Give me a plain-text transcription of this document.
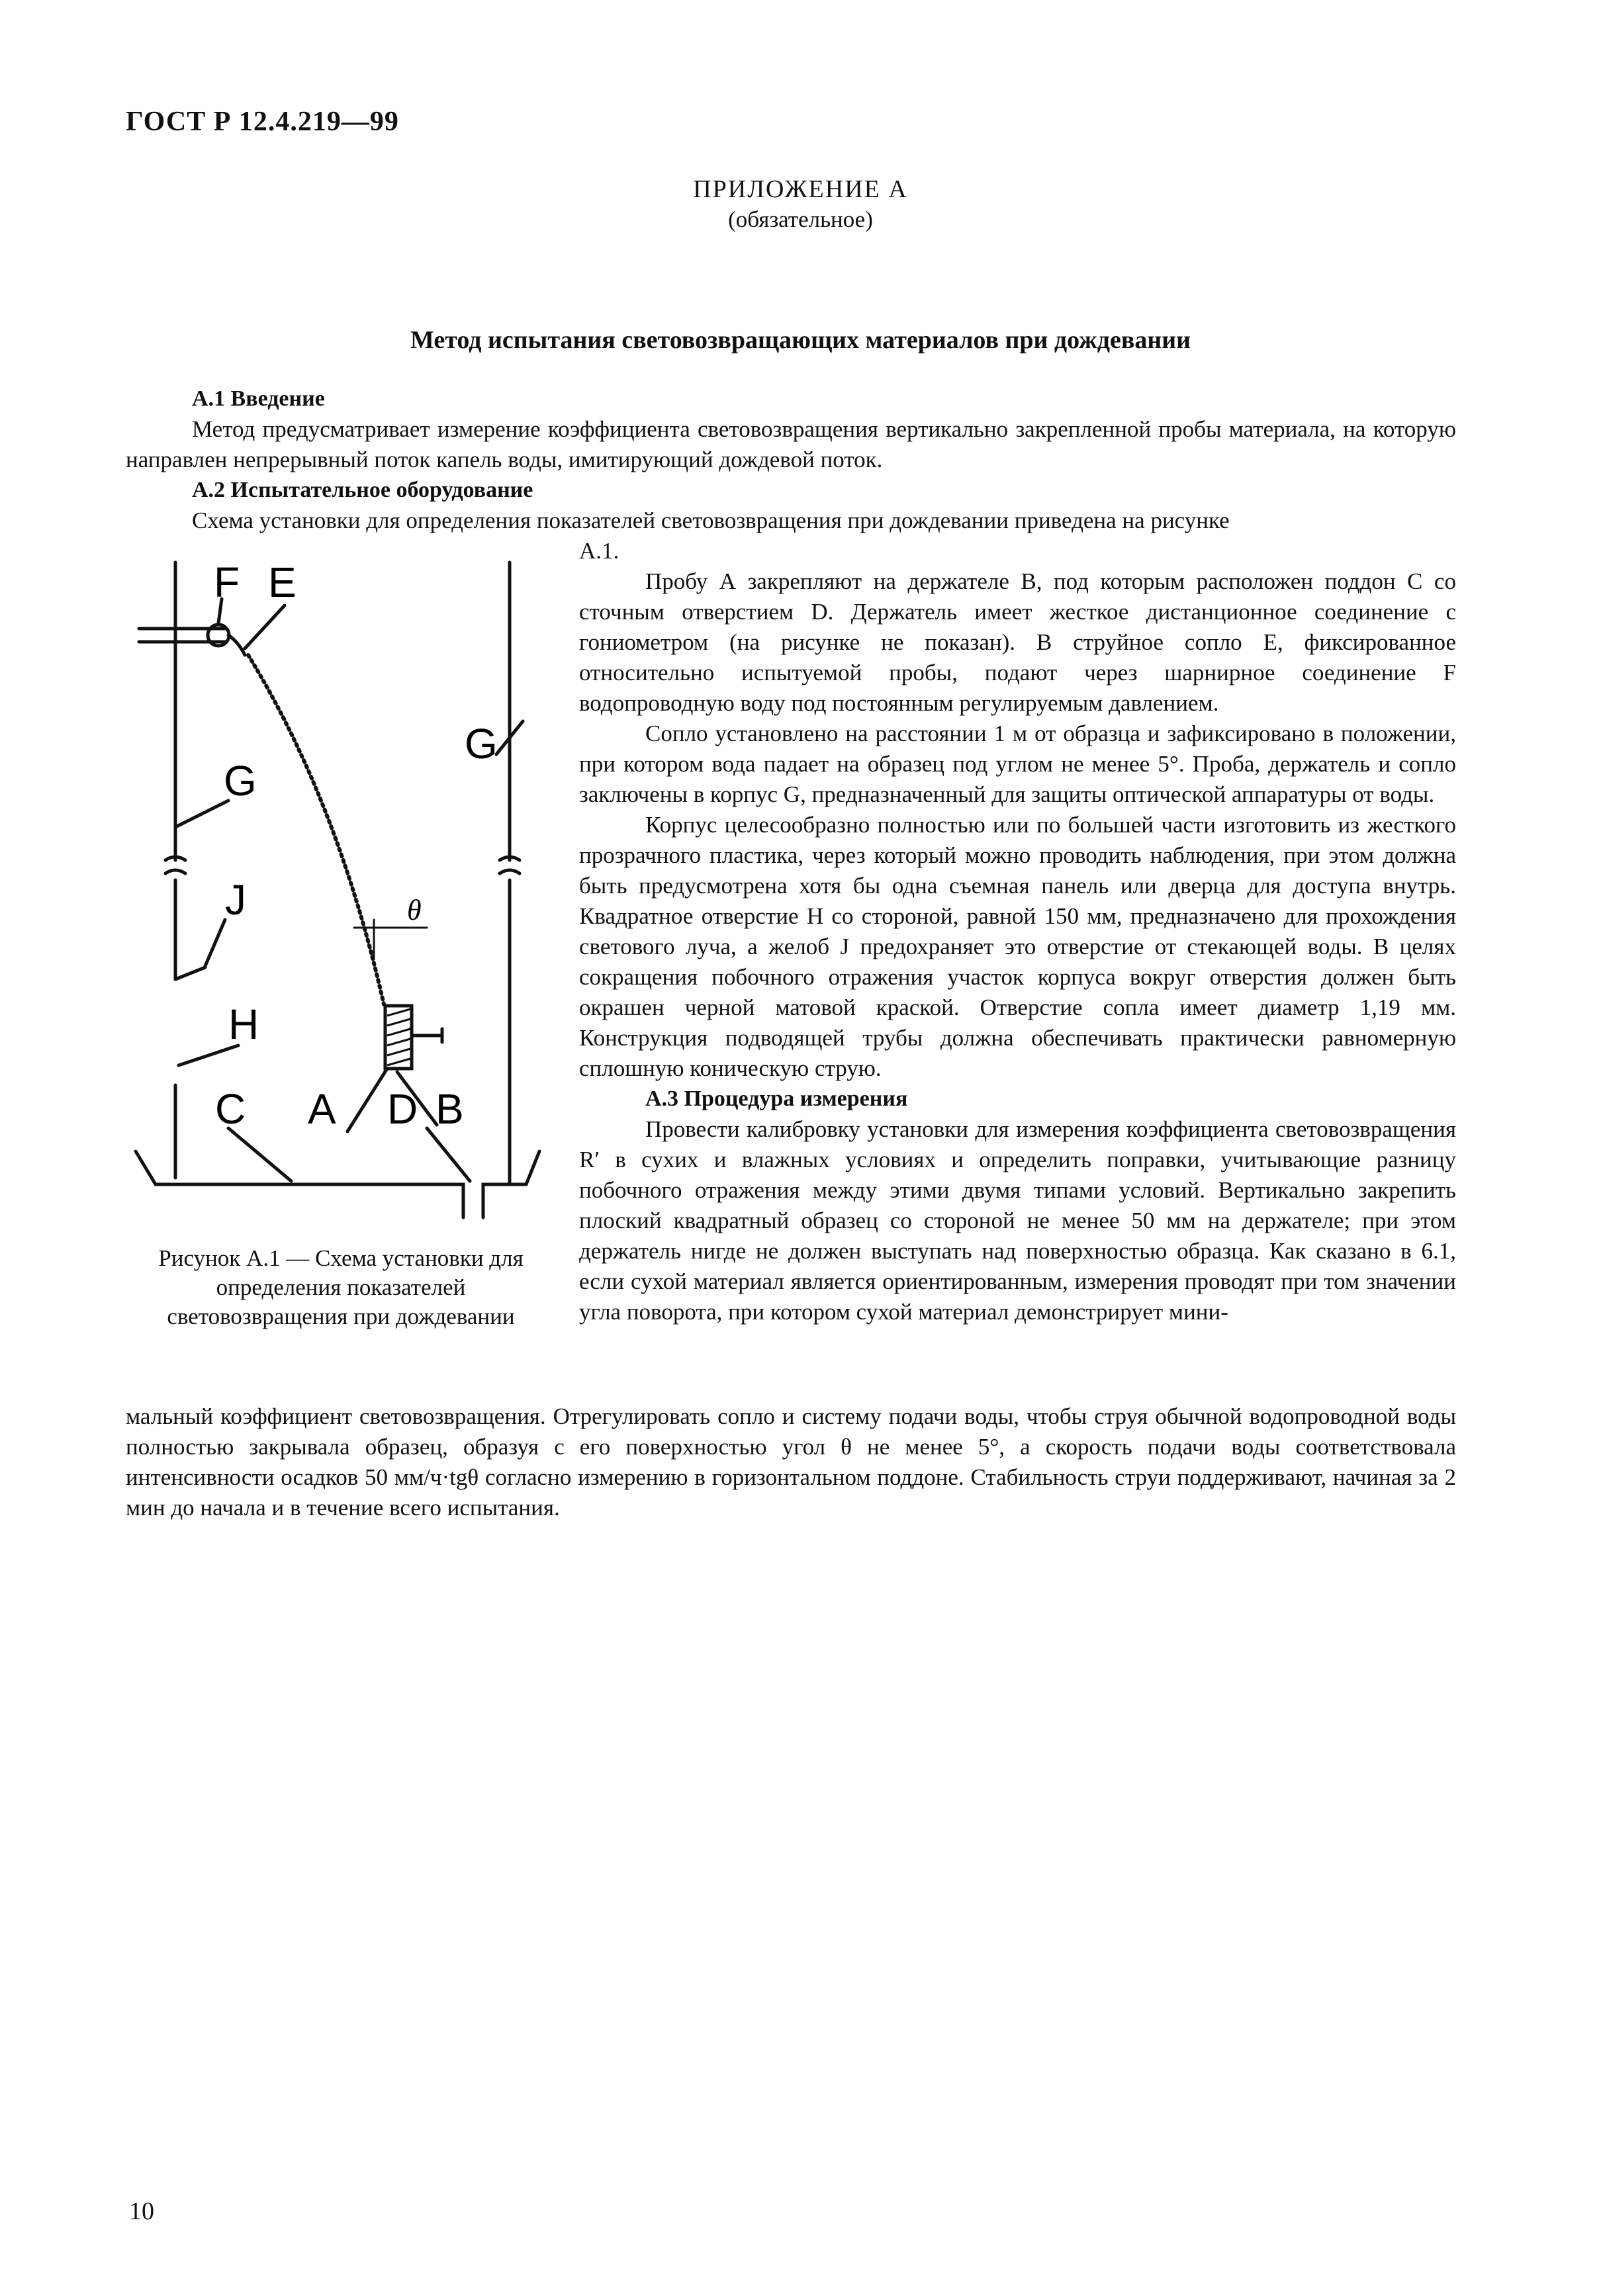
ГОСТ Р 12.4.219—99
ПРИЛОЖЕНИЕ А
(обязательное)
Метод испытания световозвращающих материалов при дождевании
А.1 Введение

Метод предусматривает измерение коэффициента световозвращения вертикально закрепленной пробы материала, на которую направлен непрерывный поток капель воды, имитирующий дождевой поток.

А.2 Испытательное оборудование

Схема установки для определения показателей световозвращения при дождевании приведена на рисунке

А.1.

Пробу А закрепляют на держателе В, под которым расположен поддон С со сточным отверстием D. Держатель имеет жесткое дистанционное соединение с гониометром (на рисунке не показан). В струйное сопло Е, фиксированное относительно испытуемой пробы, подают через шарнирное соединение F водопроводную воду под постоянным регулируемым давлением.

Сопло установлено на расстоянии 1 м от образца и зафиксировано в положении, при котором вода падает на образец под углом не менее 5°. Проба, держатель и сопло заключены в корпус G, предназначенный для защиты оптической аппаратуры от воды.

Корпус целесообразно полностью или по большей части изготовить из жесткого прозрачного пластика, через который можно проводить наблюдения, при этом должна быть предусмотрена хотя бы одна съемная панель или дверца для доступа внутрь. Квадратное отверстие Н со стороной, равной 150 мм, предназначено для прохождения светового луча, а желоб J предохраняет это отверстие от стекающей воды. В целях сокращения побочного отражения участок корпуса вокруг отверстия должен быть окрашен черной матовой краской. Отверстие сопла имеет диаметр 1,19 мм. Конструкция подводящей трубы должна обеспечивать практически равномерную сплошную коническую струю.

А.3 Процедура измерения

Провести калибровку установки для измерения коэффициента световозвращения R′ в сухих и влажных условиях и определить поправки, учитывающие разницу побочного отражения между этими двумя типами условий. Вертикально закрепить плоский квадратный образец со стороной не менее 50 мм на держателе; при этом держатель нигде не должен выступать над поверхностью образца. Как сказано в 6.1, если сухой материал является ориентированным, измерения проводят при том значении угла поворота, при котором сухой материал демонстрирует мини-

мальный коэффициент световозвращения. Отрегулировать сопло и систему подачи воды, чтобы струя обычной водопроводной воды полностью закрывала образец, образуя с его поверхностью угол θ не менее 5°, а скорость подачи воды соответствовала интенсивности осадков 50 мм/ч·tgθ согласно измерению в горизонтальном поддоне. Стабильность струи поддерживают, начиная за 2 мин до начала и в течение всего испытания.

F E
G
G
J
H
C A D B
θ
Рисунок А.1 — Схема установки для определения показателей световозвращения при дождевании
10
